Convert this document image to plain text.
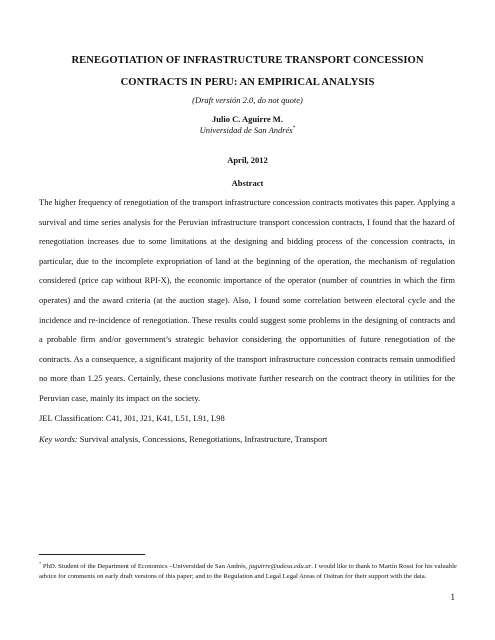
RENEGOTIATION OF INFRASTRUCTURE TRANSPORT CONCESSION
CONTRACTS IN PERU: AN EMPIRICAL ANALYSIS
(Draft versión 2.0, do not quote)
Julio C. Aguirre M.
Universidad de San Andrés*
April, 2012
Abstract

The higher frequency of renegotiation of the transport infrastructure concession contracts motivates this paper. Applying a survival and time series analysis for the Peruvian infrastructure transport concession contracts, I found that the hazard of renegotiation increases due to some limitations at the designing and bidding process of the concession contracts, in particular, due to the incomplete expropriation of land at the beginning of the operation, the mechanism of regulation considered (price cap without RPI-X), the economic importance of the operator (number of countries in which the firm operates) and the award criteria (at the auction stage). Also, I found some correlation between electoral cycle and the incidence and re-incidence of renegotiation. These results could suggest some problems in the designing of contracts and a probable firm and/or government’s strategic behavior considering the opportunities of future renegotiation of the contracts. As a consequence, a significant majority of the transport infrastructure concession contracts remain unmodified no more than 1.25 years. Certainly, these conclusions motivate further research on the contract theory in utilities for the Peruvian case, mainly its impact on the society.

JEL Classification: C41, J01, J21, K41, L51, L91, L98
Key words: Survival analysis, Concessions, Renegotiations, Infrastructure, Transport

* PhD. Student of the Department of Economics –Universidad de San Andrés, jaguirre@udesa.edu.ar. I would like to thank to Martín Rossi for his valuable advice for comments on early draft versions of this paper; and to the Regulation and Legal Legal Areas of Ositran for their support with the data.

1
